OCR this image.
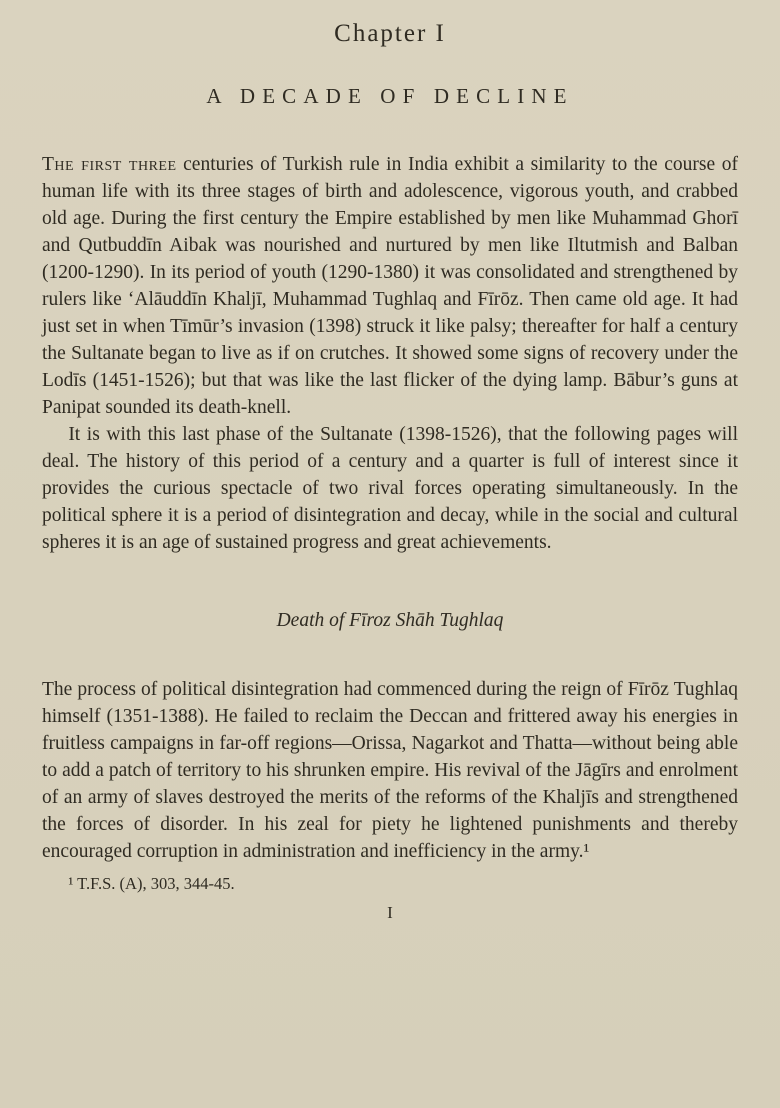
Chapter I
A DECADE OF DECLINE

The first three centuries of Turkish rule in India exhibit a similarity to the course of human life with its three stages of birth and adolescence, vigorous youth, and crabbed old age. During the first century the Empire established by men like Muhammad Ghorī and Qutbuddīn Aibak was nourished and nurtured by men like Iltutmish and Balban (1200-1290). In its period of youth (1290-1380) it was consolidated and strengthened by rulers like ‘Alāuddīn Khaljī, Muhammad Tughlaq and Fīrōz. Then came old age. It had just set in when Tīmūr’s invasion (1398) struck it like palsy; thereafter for half a century the Sultanate began to live as if on crutches. It showed some signs of recovery under the Lodīs (1451-1526); but that was like the last flicker of the dying lamp. Bābur’s guns at Panipat sounded its death-knell.

It is with this last phase of the Sultanate (1398-1526), that the following pages will deal. The history of this period of a century and a quarter is full of interest since it provides the curious spectacle of two rival forces operating simultaneously. In the political sphere it is a period of disintegration and decay, while in the social and cultural spheres it is an age of sustained progress and great achievements.

Death of Fīroz Shāh Tughlaq

The process of political disintegration had commenced during the reign of Fīrōz Tughlaq himself (1351-1388). He failed to reclaim the Deccan and frittered away his energies in fruitless campaigns in far-off regions—Orissa, Nagarkot and Thatta—without being able to add a patch of territory to his shrunken empire. His revival of the Jāgīrs and enrolment of an army of slaves destroyed the merits of the reforms of the Khaljīs and strengthened the forces of disorder. In his zeal for piety he lightened punishments and thereby encouraged corruption in administration and inefficiency in the army.¹

¹ T.F.S. (A), 303, 344-45.

I
